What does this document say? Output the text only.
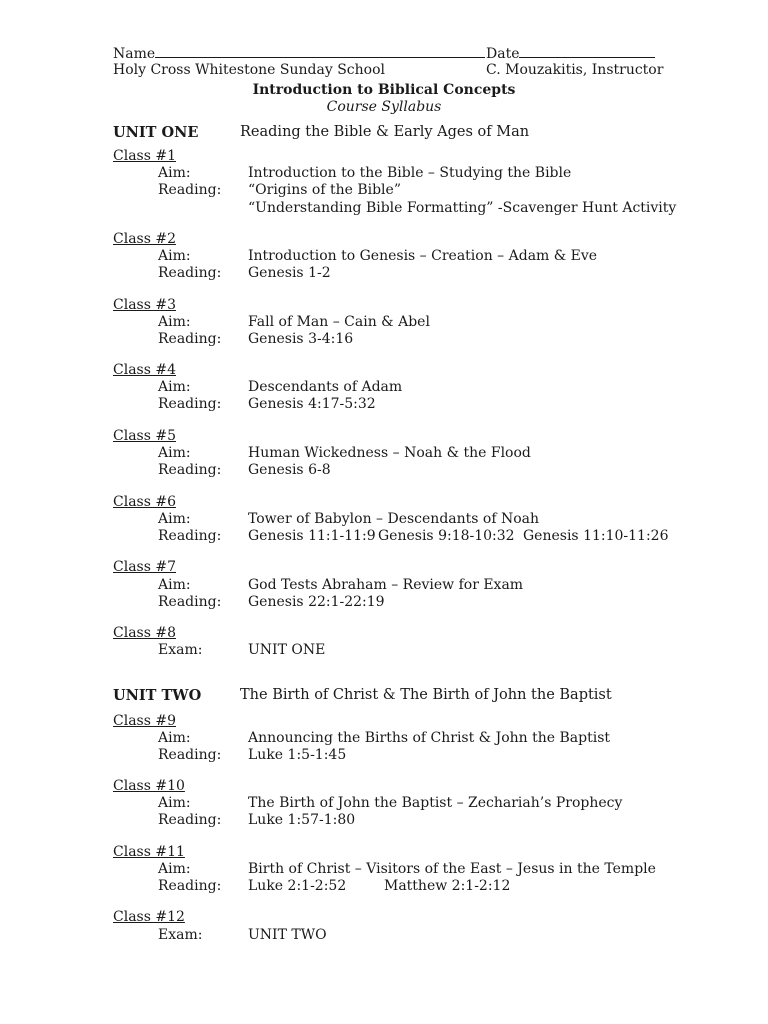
Name	Date
Holy Cross Whitestone Sunday School	C. Mouzakitis, Instructor
Introduction to Biblical Concepts
Course Syllabus
UNIT ONE	Reading the Bible & Early Ages of Man
Class #1
Aim:	Introduction to the Bible – Studying the Bible
Reading: “Origins of the Bible”
“Understanding Bible Formatting” -Scavenger Hunt Activity
Class #2
Aim:	Introduction to Genesis – Creation – Adam & Eve
Reading: Genesis 1-2
Class #3
Aim:	Fall of Man – Cain & Abel
Reading: Genesis 3-4:16
Class #4
Aim:	Descendants of Adam
Reading: Genesis 4:17-5:32
Class #5
Aim:	Human Wickedness – Noah & the Flood
Reading: Genesis 6-8
Class #6
Aim:	Tower of Babylon – Descendants of Noah
Reading: Genesis 11:1-11:9 Genesis 9:18-10:32 Genesis 11:10-11:26
Class #7
Aim:	God Tests Abraham – Review for Exam
Reading: Genesis 22:1-22:19
Class #8
Exam:	UNIT ONE
UNIT TWO	The Birth of Christ & The Birth of John the Baptist
Class #9
Aim:	Announcing the Births of Christ & John the Baptist
Reading: Luke 1:5-1:45
Class #10
Aim:	The Birth of John the Baptist – Zechariah’s Prophecy
Reading: Luke 1:57-1:80
Class #11
Aim:	Birth of Christ – Visitors of the East – Jesus in the Temple
Reading: Luke 2:1-2:52	Matthew 2:1-2:12
Class #12
Exam:	UNIT TWO
